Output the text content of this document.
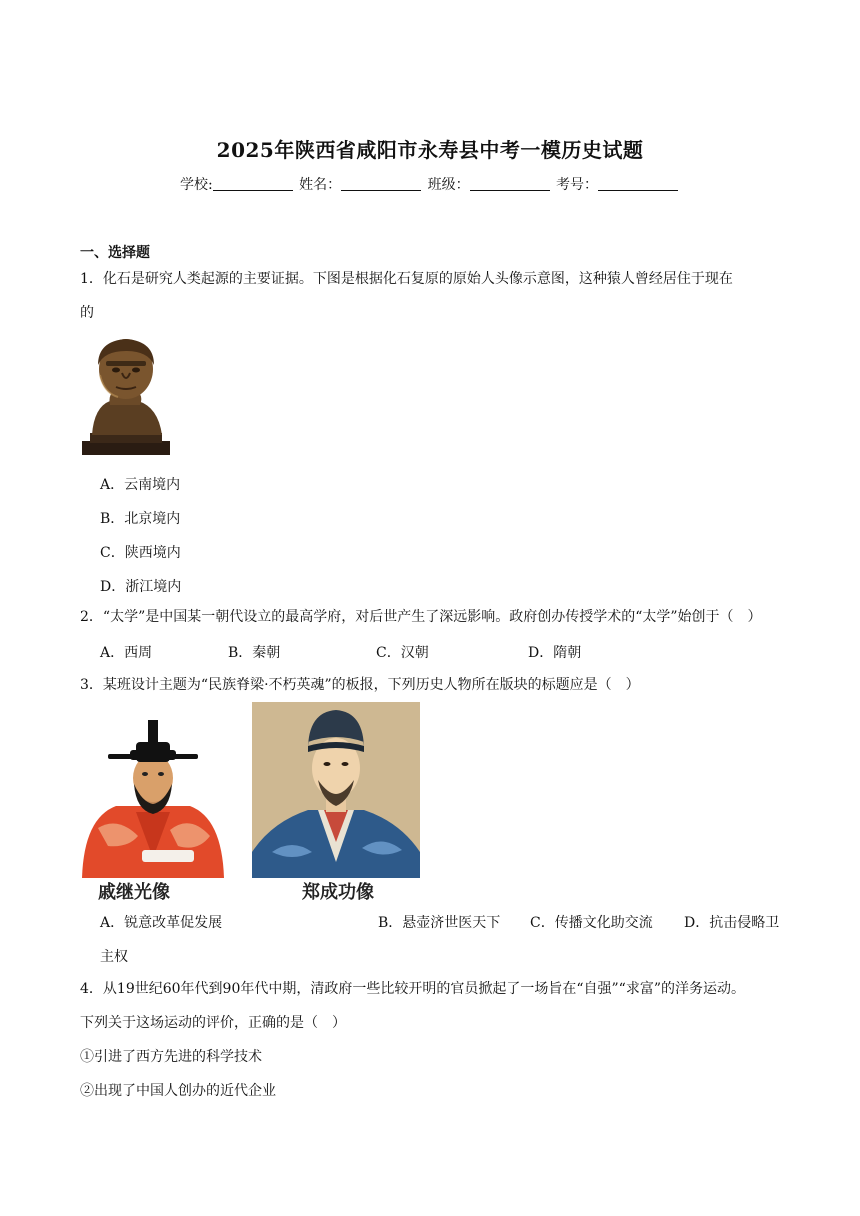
2025年陕西省咸阳市永寿县中考一模历史试题
学校:	姓名：	班级：	考号：
一、选择题
1．化石是研究人类起源的主要证据。下图是根据化石复原的原始人头像示意图，这种猿人曾经居住于现在
的
A．云南境内
B．北京境内
C．陕西境内
D．浙江境内
2．“太学”是中国某一朝代设立的最高学府，对后世产生了深远影响。政府创办传授学术的“太学”始创于（　）
A．西周	B．秦朝	C．汉朝	D．隋朝
3．某班设计主题为“民族脊梁·不朽英魂”的板报，下列历史人物所在版块的标题应是（　）
戚继光像	郑成功像
A．锐意改革促发展	B．悬壶济世医天下 C．传播文化助交流 D．抗击侵略卫
主权
4．从19世纪60年代到90年代中期，清政府一些比较开明的官员掀起了一场旨在“自强”“求富”的洋务运动。
下列关于这场运动的评价，正确的是（　）
①引进了西方先进的科学技术
②出现了中国人创办的近代企业
